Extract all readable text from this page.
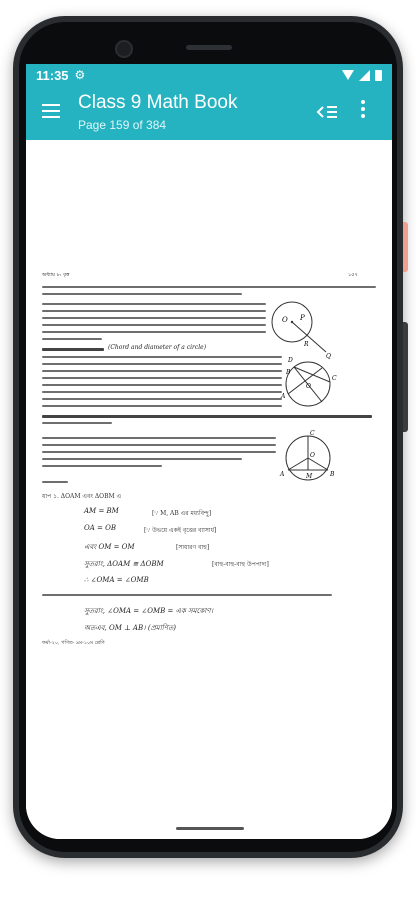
11:35 ⚙
Class 9 Math Book
Page 159 of 384
অধ্যায় ৮: বৃত্ত	১৫৭
O P
R
Q
(Chord and diameter of a circle)
D
B
C
O
A
C
O
A	M	B
ধাপ ১. ΔOAM এবং ΔOBM এ
AM = BM	[∵ M, AB এর মধ্যবিন্দু]
OA = OB	[∵ উভয়ে একই বৃত্তের ব্যাসার্ধ]
এবং OM = OM	[সাধারণ বাহু]
সুতরাং, ΔOAM ≅ ΔOBM	[বাহু-বাহু-বাহু উপপাদ্য]
∴ ∠OMA = ∠OMB
সুতরাং, ∠OMA = ∠OMB = এক সমকোণ।
অতএব, OM ⊥ AB। (প্রমাণিত)
ফর্মা-২০, গণিত- ৯ম-১০ম শ্রেণি
